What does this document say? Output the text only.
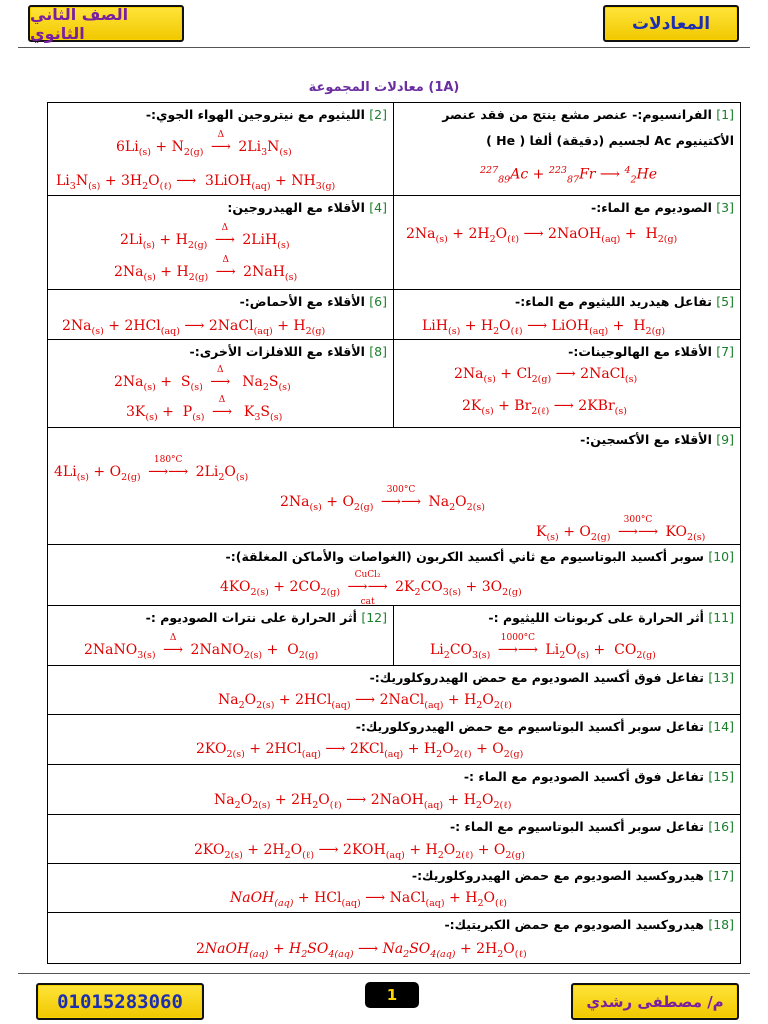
المعادلات
الصف الثاني الثانوي
معادلات المجموعة (1A)
[2] الليثيوم مع نيتروجين الهواء الجوي:-
$6Li_{(s)} + N_{2(g)}$ ⟶
Δ
$2Li_3N_{(s)}$
$Li_3N_{(s)} + 3H_2O_{(\ell)}$ ⟶  3LiOH$_{(aq)}$ + $NH_{3(g)}$
[1] الفرانسيوم:- عنصر مشع ينتج من فقد عنصر
الأكتينيوم Ac لجسيم (دقيقة) ألفا ( He )
$^{227}_{89}$Ac + $^{223}_{87}$Fr ⟶ $^4_2$He
[4] الأقلاء مع الهيدروجين:
$2Li_{(s)} + H_{2(g)}$ ⟶
Δ
2LiH$_{(s)}$
$2Na_{(s)} + H_{2(g)}$ ⟶
Δ
2NaH$_{(s)}$
[3] الصوديوم مع الماء:-
$2Na_{(s)} + 2H_2O_{(\ell)}$ ⟶ 2NaOH$_{(aq)}$ +  $H_{2(g)}$
[6] الأقلاء مع الأحماض:-
$2Na_{(s)} + 2HCl_{(aq)}$ ⟶ 2NaCl$_{(aq)}$ + $H_{2(g)}$
[5] تفاعل هيدريد الليثيوم مع الماء:-
$LiH_{(s)} + H_2O_{(\ell)}$ ⟶ LiOH$_{(aq)}$ +  $H_{2(g)}$
[8] الأقلاء مع اللافلزات الأخرى:-
$2Na_{(s)} + S_{(s)}$ ⟶
Δ
$Na_2S_{(s)}$
$3K_{(s)} + P_{(s)}$ ⟶
Δ
$K_3S_{(s)}$
[7] الأقلاء مع الهالوجينات:-
$2Na_{(s)} + Cl_{2(g)}$ ⟶ 2NaCl$_{(s)}$
$2K_{(s)} + Br_{2(\ell)}$ ⟶ 2KBr$_{(s)}$
[9] الأقلاء مع الأكسجين:-
$4Li_{(s)} + O_{2(g)}$ ⟶⟶
180°C
$2Li_2O_{(s)}$
$2Na_{(s)} + O_{2(g)}$ ⟶⟶
300°C
$Na_2O_{2(s)}$
$K_{(s)} + O_{2(g)}$ ⟶⟶
300°C
$KO_{2(s)}$
[10] سوبر أكسيد البوتاسيوم مع ثاني أكسيد الكربون (الغواصات والأماكن المغلقة):-
$4KO_{2(s)} + 2CO_{2(g)}$ ⟶⟶
CuCl₂
cat
$2K_2CO_{3(s)} + 3O_{2(g)}$
[12] أثر الحرارة على نترات الصوديوم :-
2NaNO$_{3(s)}$ ⟶
Δ
2NaNO$_{2(s)}$ +  $O_{2(g)}$
[11] أثر الحرارة على كربونات الليثيوم :-
$Li_2CO_{3(s)}$ ⟶⟶
1000°C
$Li_2O_{(s)} + CO_{2(g)}$
[13] تفاعل فوق أكسيد الصوديوم مع حمض الهيدروكلوريك:-
$Na_2O_{2(s)} + 2HCl_{(aq)}$ ⟶ 2NaCl$_{(aq)}$ + $H_2O_{2(\ell)}$
[14] تفاعل سوبر أكسيد البوتاسيوم مع حمض الهيدروكلوريك:-
$2KO_{2(s)} + 2HCl_{(aq)}$ ⟶ $2KCl_{(aq)} + H_2O_{2(\ell)} + O_{2(g)}$
[15] تفاعل فوق أكسيد الصوديوم مع الماء :-
$Na_2O_{2(s)} + 2H_2O_{(\ell)}$ ⟶ 2NaOH$_{(aq)}$ + $H_2O_{2(\ell)}$
[16] تفاعل سوبر أكسيد البوتاسيوم مع الماء :-
$2KO_{2(s)} + 2H_2O_{(\ell)}$ ⟶ $2KOH_{(aq)} + H_2O_{2(\ell)} + O_{2(g)}$
[17] هيدروكسيد الصوديوم مع حمض الهيدروكلوريك:-
NaOH$_{(aq)}$ + HCl$_{(aq)}$ ⟶ NaCl$_{(aq)}$ + $H_2O_{(\ell)}$
[18] هيدروكسيد الصوديوم مع حمض الكبريتيك:-
2NaOH$_{(aq)}$ + $H_2SO_{4(aq)}$ ⟶ $Na_2SO_{4(aq)} + 2H_2O_{(\ell)}$
01015283060	1	م/ مصطفى رشدي
